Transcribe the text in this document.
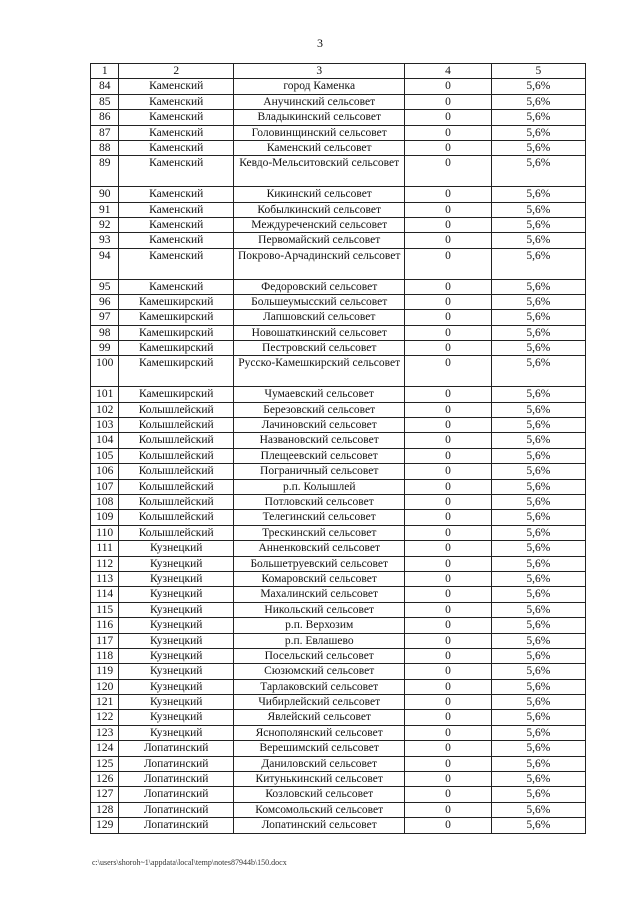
3
1	2	3	4	5
84	Каменский	город Каменка	0	5,6%
85	Каменский	Анучинский сельсовет	0	5,6%
86	Каменский	Владыкинский сельсовет	0	5,6%
87	Каменский	Головинщинский сельсовет	0	5,6%
88	Каменский	Каменский сельсовет	0	5,6%
89	Каменский	Кевдо-Мельситовский сельсовет	0	5,6%
90	Каменский	Кикинский сельсовет	0	5,6%
91	Каменский	Кобылкинский сельсовет	0	5,6%
92	Каменский	Междуреченский сельсовет	0	5,6%
93	Каменский	Первомайский сельсовет	0	5,6%
94	Каменский	Покрово-Арчадинский сельсовет	0	5,6%
95	Каменский	Федоровский сельсовет	0	5,6%
96	Камешкирский	Большеумысский сельсовет	0	5,6%
97	Камешкирский	Лапшовский сельсовет	0	5,6%
98	Камешкирский	Новошаткинский сельсовет	0	5,6%
99	Камешкирский	Пестровский сельсовет	0	5,6%
100	Камешкирский	Русско-Камешкирский сельсовет	0	5,6%
101	Камешкирский	Чумаевский сельсовет	0	5,6%
102	Колышлейский	Березовский сельсовет	0	5,6%
103	Колышлейский	Лачиновский сельсовет	0	5,6%
104	Колышлейский	Названовский сельсовет	0	5,6%
105	Колышлейский	Плещеевский сельсовет	0	5,6%
106	Колышлейский	Пограничный сельсовет	0	5,6%
107	Колышлейский	р.п. Колышлей	0	5,6%
108	Колышлейский	Потловский сельсовет	0	5,6%
109	Колышлейский	Телегинский сельсовет	0	5,6%
110	Колышлейский	Трескинский сельсовет	0	5,6%
111	Кузнецкий	Анненковский сельсовет	0	5,6%
112	Кузнецкий	Большетруевский сельсовет	0	5,6%
113	Кузнецкий	Комаровский сельсовет	0	5,6%
114	Кузнецкий	Махалинский сельсовет	0	5,6%
115	Кузнецкий	Никольский сельсовет	0	5,6%
116	Кузнецкий	р.п. Верхозим	0	5,6%
117	Кузнецкий	р.п. Евлашево	0	5,6%
118	Кузнецкий	Посельский сельсовет	0	5,6%
119	Кузнецкий	Сюзюмский сельсовет	0	5,6%
120	Кузнецкий	Тарлаковский сельсовет	0	5,6%
121	Кузнецкий	Чибирлейский сельсовет	0	5,6%
122	Кузнецкий	Явлейский сельсовет	0	5,6%
123	Кузнецкий	Яснополянский сельсовет	0	5,6%
124	Лопатинский	Верешимский сельсовет	0	5,6%
125	Лопатинский	Даниловский сельсовет	0	5,6%
126	Лопатинский	Китунькинский сельсовет	0	5,6%
127	Лопатинский	Козловский сельсовет	0	5,6%
128	Лопатинский	Комсомольский сельсовет	0	5,6%
129	Лопатинский	Лопатинский сельсовет	0	5,6%
c:\users\shoroh~1\appdata\local\temp\notes87944b\150.docx
